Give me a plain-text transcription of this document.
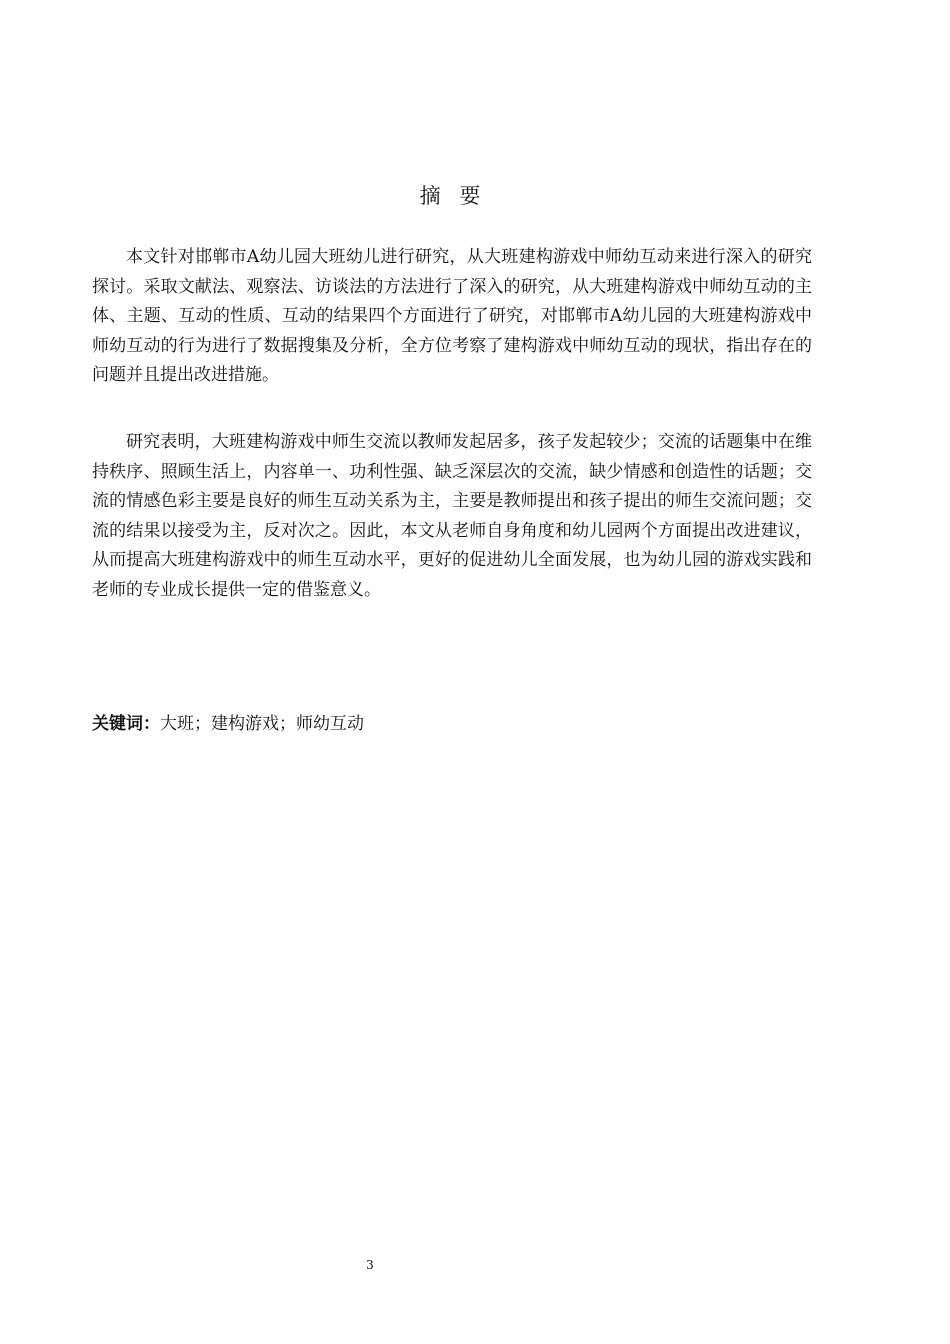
摘 要

本文针对邯郸市A幼儿园大班幼儿进行研究，从大班建构游戏中师幼互动来进行深入的研究探讨。采取文献法、观察法、访谈法的方法进行了深入的研究，从大班建构游戏中师幼互动的主体、主题、互动的性质、互动的结果四个方面进行了研究，对邯郸市A幼儿园的大班建构游戏中师幼互动的行为进行了数据搜集及分析，全方位考察了建构游戏中师幼互动的现状，指出存在的问题并且提出改进措施。

研究表明，大班建构游戏中师生交流以教师发起居多，孩子发起较少；交流的话题集中在维持秩序、照顾生活上，内容单一、功利性强、缺乏深层次的交流，缺少情感和创造性的话题；交流的情感色彩主要是良好的师生互动关系为主，主要是教师提出和孩子提出的师生交流问题；交流的结果以接受为主，反对次之。因此，本文从老师自身角度和幼儿园两个方面提出改进建议，从而提高大班建构游戏中的师生互动水平，更好的促进幼儿全面发展，也为幼儿园的游戏实践和老师的专业成长提供一定的借鉴意义。

关键词：大班；建构游戏；师幼互动

3
